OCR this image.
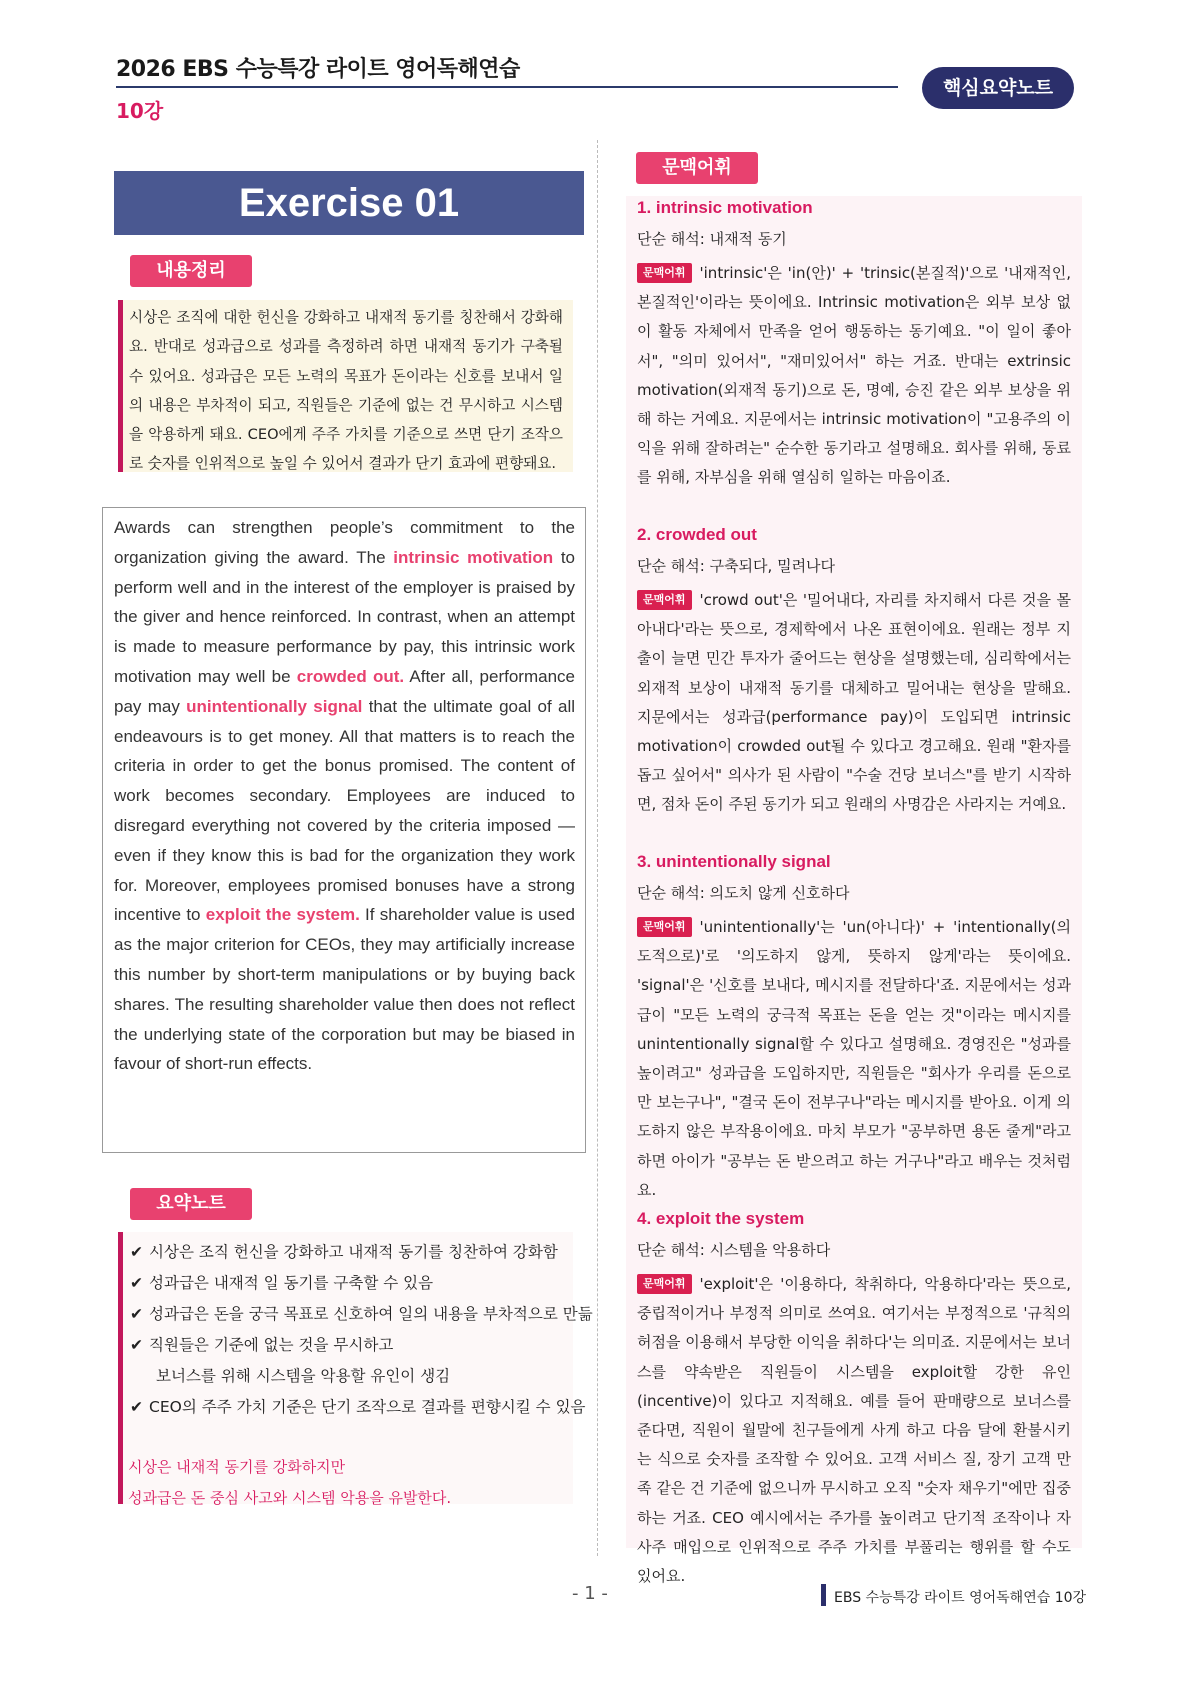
2026 EBS 수능특강 라이트 영어독해연습
10강
핵심요약노트
Exercise 01
내용정리
시상은 조직에 대한 헌신을 강화하고 내재적 동기를 칭찬해서 강화해요. 반대로 성과급으로 성과를 측정하려 하면 내재적 동기가 구축될 수 있어요. 성과급은 모든 노력의 목표가 돈이라는 신호를 보내서 일의 내용은 부차적이 되고, 직원들은 기준에 없는 건 무시하고 시스템을 악용하게 돼요. CEO에게 주주 가치를 기준으로 쓰면 단기 조작으로 숫자를 인위적으로 높일 수 있어서 결과가 단기 효과에 편향돼요.
Awards can strengthen people’s commitment to the organization giving the award. The intrinsic motivation to perform well and in the interest of the employer is praised by the giver and hence reinforced. In contrast, when an attempt is made to measure performance by pay, this intrinsic work motivation may well be crowded out. After all, performance pay may unintentionally signal that the ultimate goal of all endeavours is to get money. All that matters is to reach the criteria in order to get the bonus promised. The content of work becomes secondary. Employees are induced to disregard everything not covered by the criteria imposed — even if they know this is bad for the organization they work for. Moreover, employees promised bonuses have a strong incentive to exploit the system. If shareholder value is used as the major criterion for CEOs, they may artificially increase this number by short-term manipulations or by buying back shares. The resulting shareholder value then does not reflect the underlying state of the corporation but may be biased in favour of short-run effects.
요약노트
✔ 시상은 조직 헌신을 강화하고 내재적 동기를 칭찬하여 강화함
✔ 성과급은 내재적 일 동기를 구축할 수 있음
✔ 성과급은 돈을 궁극 목표로 신호하여 일의 내용을 부차적으로 만듦
✔ 직원들은 기준에 없는 것을 무시하고
보너스를 위해 시스템을 악용할 유인이 생김
✔ CEO의 주주 가치 기준은 단기 조작으로 결과를 편향시킬 수 있음
시상은 내재적 동기를 강화하지만
성과급은 돈 중심 사고와 시스템 악용을 유발한다.
문맥어휘
1. intrinsic motivation
단순 해석: 내재적 동기
문맥어휘 'intrinsic'은 'in(안)' + 'trinsic(본질적)'으로 '내재적인, 본질적인'이라는 뜻이에요. Intrinsic motivation은 외부 보상 없이 활동 자체에서 만족을 얻어 행동하는 동기예요. "이 일이 좋아서", "의미 있어서", "재미있어서" 하는 거죠. 반대는 extrinsic motivation(외재적 동기)으로 돈, 명예, 승진 같은 외부 보상을 위해 하는 거예요. 지문에서는 intrinsic motivation이 "고용주의 이익을 위해 잘하려는" 순수한 동기라고 설명해요. 회사를 위해, 동료를 위해, 자부심을 위해 열심히 일하는 마음이죠.
2. crowded out
단순 해석: 구축되다, 밀려나다
문맥어휘 'crowd out'은 '밀어내다, 자리를 차지해서 다른 것을 몰아내다'라는 뜻으로, 경제학에서 나온 표현이에요. 원래는 정부 지출이 늘면 민간 투자가 줄어드는 현상을 설명했는데, 심리학에서는 외재적 보상이 내재적 동기를 대체하고 밀어내는 현상을 말해요. 지문에서는 성과급(performance pay)이 도입되면 intrinsic motivation이 crowded out될 수 있다고 경고해요. 원래 "환자를 돕고 싶어서" 의사가 된 사람이 "수술 건당 보너스"를 받기 시작하면, 점차 돈이 주된 동기가 되고 원래의 사명감은 사라지는 거예요.
3. unintentionally signal
단순 해석: 의도치 않게 신호하다
문맥어휘 'unintentionally'는 'un(아니다)' + 'intentionally(의도적으로)'로 '의도하지 않게, 뜻하지 않게'라는 뜻이에요. 'signal'은 '신호를 보내다, 메시지를 전달하다'죠. 지문에서는 성과급이 "모든 노력의 궁극적 목표는 돈을 얻는 것"이라는 메시지를 unintentionally signal할 수 있다고 설명해요. 경영진은 "성과를 높이려고" 성과급을 도입하지만, 직원들은 "회사가 우리를 돈으로만 보는구나", "결국 돈이 전부구나"라는 메시지를 받아요. 이게 의도하지 않은 부작용이에요. 마치 부모가 "공부하면 용돈 줄게"라고 하면 아이가 "공부는 돈 받으려고 하는 거구나"라고 배우는 것처럼요.
4. exploit the system
단순 해석: 시스템을 악용하다
문맥어휘 'exploit'은 '이용하다, 착취하다, 악용하다'라는 뜻으로, 중립적이거나 부정적 의미로 쓰여요. 여기서는 부정적으로 '규칙의 허점을 이용해서 부당한 이익을 취하다'는 의미죠. 지문에서는 보너스를 약속받은 직원들이 시스템을 exploit할 강한 유인(incentive)이 있다고 지적해요. 예를 들어 판매량으로 보너스를 준다면, 직원이 월말에 친구들에게 사게 하고 다음 달에 환불시키는 식으로 숫자를 조작할 수 있어요. 고객 서비스 질, 장기 고객 만족 같은 건 기준에 없으니까 무시하고 오직 "숫자 채우기"에만 집중하는 거죠. CEO 예시에서는 주가를 높이려고 단기적 조작이나 자사주 매입으로 인위적으로 주주 가치를 부풀리는 행위를 할 수도 있어요.
- 1 -	EBS 수능특강 라이트 영어독해연습 10강
